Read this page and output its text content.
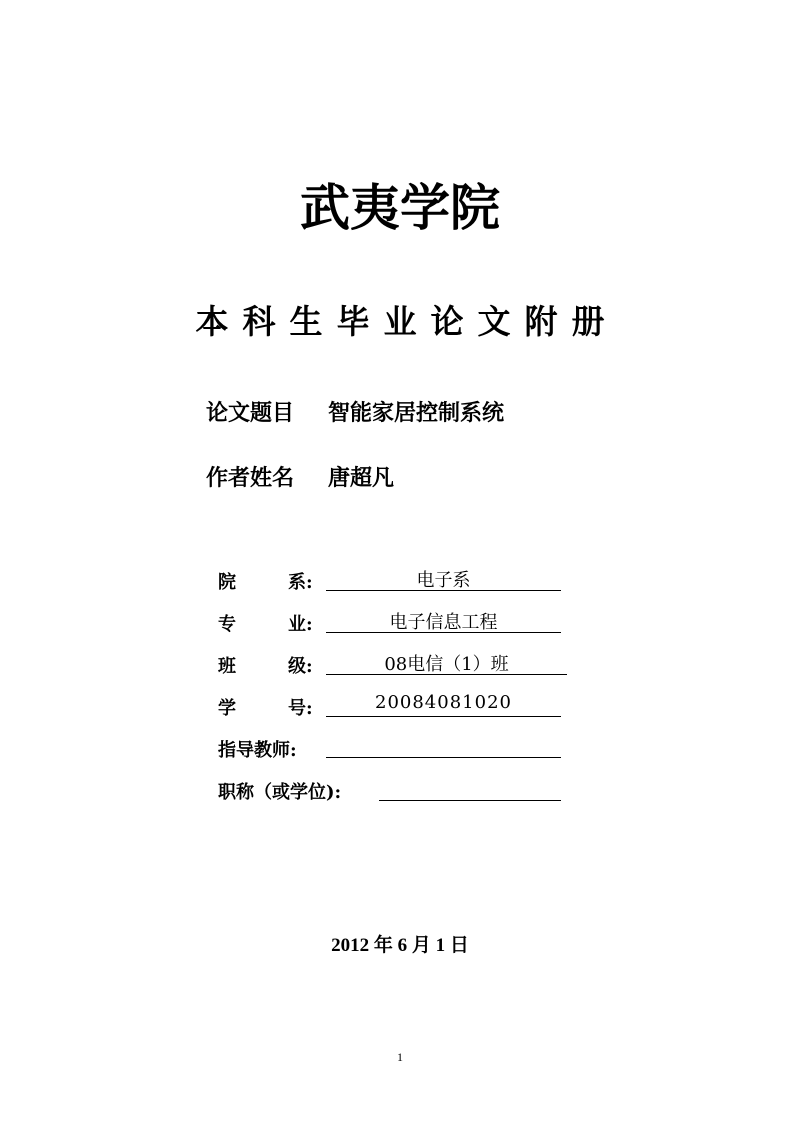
武夷学院
本科生毕业论文附册
论文题目 智能家居控制系统
作者姓名 唐超凡
院	系:	电子系
专	业:	电子信息工程
班	级:	08电信（1）班
学	号:	20084081020
指导教师:
职称（或学位):
2012 年 6 月 1 日
1
